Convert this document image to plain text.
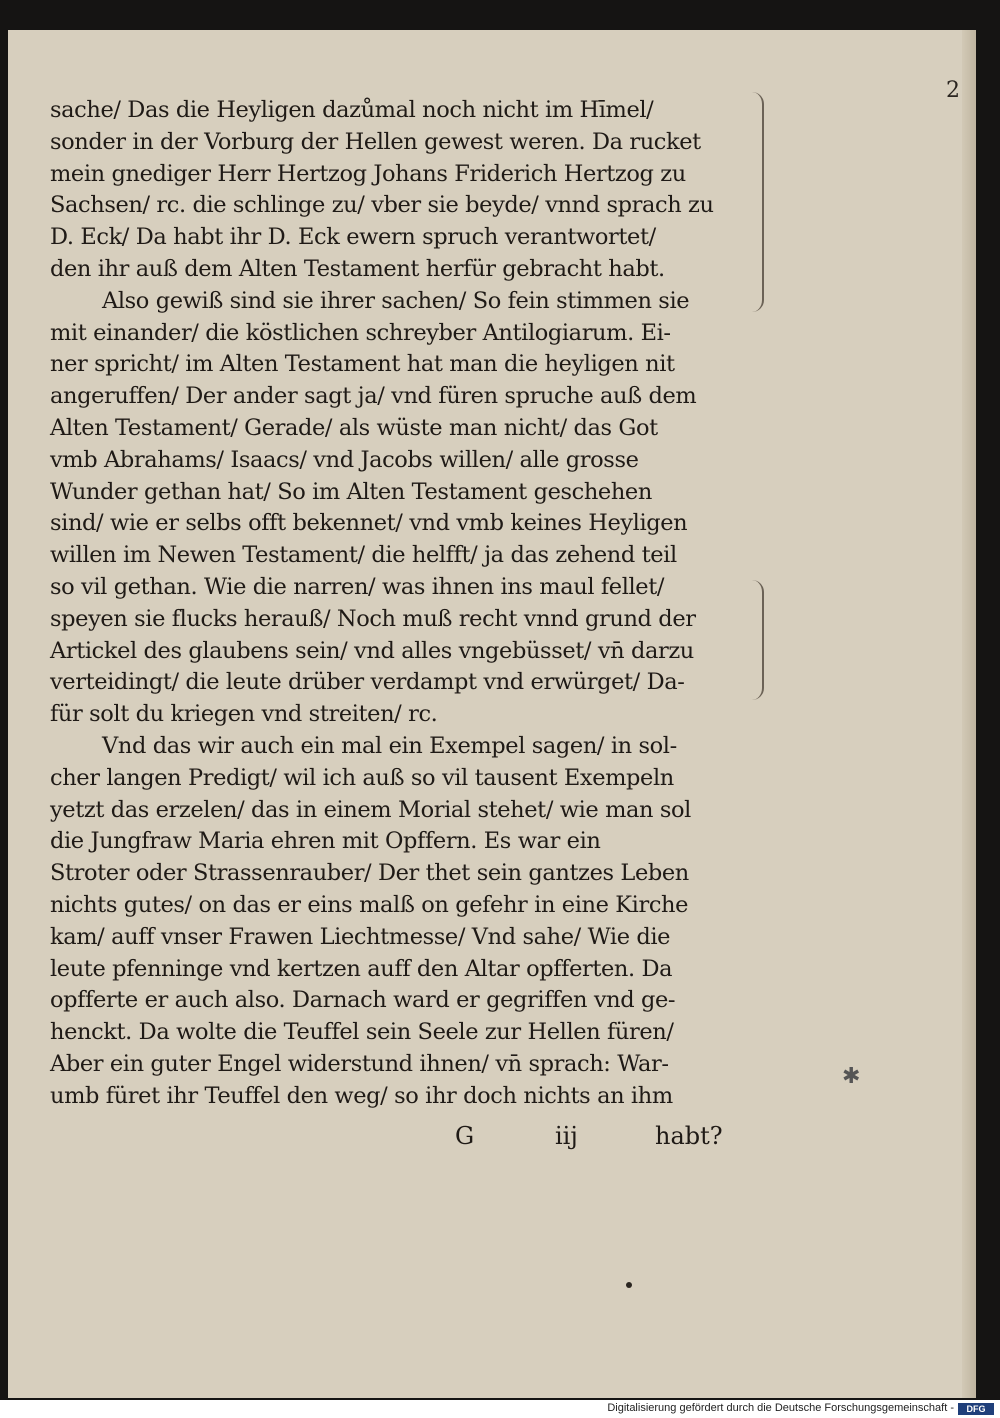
2
sache/ Das die Heyligen dazůmal noch nicht im Hīmel/
sonder in der Vorburg der Hellen gewest weren. Da rucket
mein gnediger Herr Hertzog Johans Friderich Hertzog zu
Sachsen/ rc. die schlinge zu/ vber sie beyde/ vnnd sprach zu
D. Eck/ Da habt ihr D. Eck ewern spruch verantwortet/
den ihr auß dem Alten Testament herfür gebracht habt.
Also gewiß sind sie ihrer sachen/ So fein stimmen sie
mit einander/ die köstlichen schreyber Antilogiarum. Ei-
ner spricht/ im Alten Testament hat man die heyligen nit
angeruffen/ Der ander sagt ja/ vnd füren spruche auß dem
Alten Testament/ Gerade/ als wüste man nicht/ das Got
vmb Abrahams/ Isaacs/ vnd Jacobs willen/ alle grosse
Wunder gethan hat/ So im Alten Testament geschehen
sind/ wie er selbs offt bekennet/ vnd vmb keines Heyligen
willen im Newen Testament/ die helfft/ ja das zehend teil
so vil gethan. Wie die narren/ was ihnen ins maul fellet/
speyen sie flucks herauß/ Noch muß recht vnnd grund der
Artickel des glaubens sein/ vnd alles vngebüsset/ vn̄ darzu
verteidingt/ die leute drüber verdampt vnd erwürget/ Da-
für solt du kriegen vnd streiten/ rc.
Vnd das wir auch ein mal ein Exempel sagen/ in sol-
cher langen Predigt/ wil ich auß so vil tausent Exempeln
yetzt das erzelen/ das in einem Morial stehet/ wie man sol
die Jungfraw Maria ehren mit Opffern. Es war ein
Stroter oder Strassenrauber/ Der thet sein gantzes Leben
nichts gutes/ on das er eins malß on gefehr in eine Kirche
kam/ auff vnser Frawen Liechtmesse/ Vnd sahe/ Wie die
leute pfenninge vnd kertzen auff den Altar opfferten. Da
opfferte er auch also. Darnach ward er gegriffen vnd ge-
henckt. Da wolte die Teuffel sein Seele zur Hellen füren/
Aber ein guter Engel widerstund ihnen/ vn̄ sprach: War-
umb füret ihr Teuffel den weg/ so ihr doch nichts an ihm
G	iij	habt?
✱
Digitalisierung gefördert durch die Deutsche Forschungsgemeinschaft -	DFG
